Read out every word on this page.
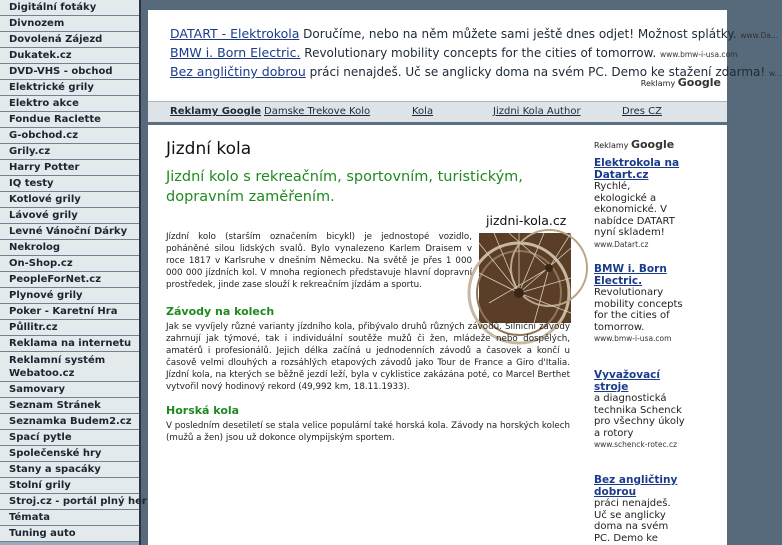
Digitální fotáky
Divnozem
Dovolená Zájezd
Dukatek.cz
DVD-VHS - obchod
Elektrické grily
Elektro akce
Fondue Raclette
G-obchod.cz
Grily.cz
Harry Potter
IQ testy
Kotlové grily
Lávové grily
Levné Vánoční Dárky
Nekrolog
On-Shop.cz
PeopleForNet.cz
Plynové grily
Poker - Karetní Hra
Půllitr.cz
Reklama na internetu
Reklamní systém Webatoo.cz
Samovary
Seznam Stránek
Seznamka Budem2.cz
Spací pytle
Společenské hry
Stany a spacáky
Stolní grily
Stroj.cz - portál plný her
Témata
Tuning auto
DATART - Elektrokola Doručíme, nebo na něm můžete sami ještě dnes odjet! Možnost splátky. www.Da...
BMW i. Born Electric. Revolutionary mobility concepts for the cities of tomorrow. www.bmw-i-usa.com
Bez angličtiny dobrou práci nenajdeš. Uč se anglicky doma na svém PC. Demo ke stažení zdarma! w...
Reklamy Google
Reklamy Google Damske Trekove Kolo	Kola	Jizdni Kola Author	Dres CZ
Jizdní kola
Jizdní kolo s rekreačním, sportovním, turistickým, dopravním zaměřením.
jizdni-kola.cz
Jízdní kolo (starším označením bicykl) je jednostopé vozidlo, poháněné silou lidských svalů. Bylo vynalezeno Karlem Draisem v roce 1817 v Karlsruhe v dnešním Německu. Na světě je přes 1 000 000 000 jízdních kol. V mnoha regionech představuje hlavní dopravní prostředek, jinde zase slouží k rekreačním jízdám a sportu.
Závody na kolech
Jak se vyvíjely různé varianty jízdního kola, přibývalo druhů různých závodů. Silniční závody zahrnují jak týmové, tak i individuální soutěže mužů či žen, mládeže nebo dospělých, amatérů i profesionálů. Jejich délka začíná u jednodenních závodů a časovek a končí u časově velmi dlouhých a rozsáhlých etapových závodů jako Tour de France a Giro d'Italia. Jízdní kola, na kterých se běžně jezdí leží, byla v cyklistice zakázána poté, co Marcel Berthet vytvořil nový hodinový rekord (49,992 km, 18.11.1933).
Horská kola
V posledním desetiletí se stala velice populární také horská kola. Závody na horských kolech (mužů a žen) jsou už dokonce olympijským sportem.
Reklamy Google
Elektrokola na Datart.cz
Rychlé, ekologické a ekonomické. V nabídce DATART nyní skladem!
www.Datart.cz
BMW i. Born Electric.
Revolutionary mobility concepts for the cities of tomorrow.
www.bmw-i-usa.com
Vyvažovací stroje
a diagnostická technika Schenck pro všechny úkoly a rotory
www.schenck-rotec.cz
Bez angličtiny dobrou
práci nenajdeš. Uč se anglicky doma na svém PC. Demo ke
